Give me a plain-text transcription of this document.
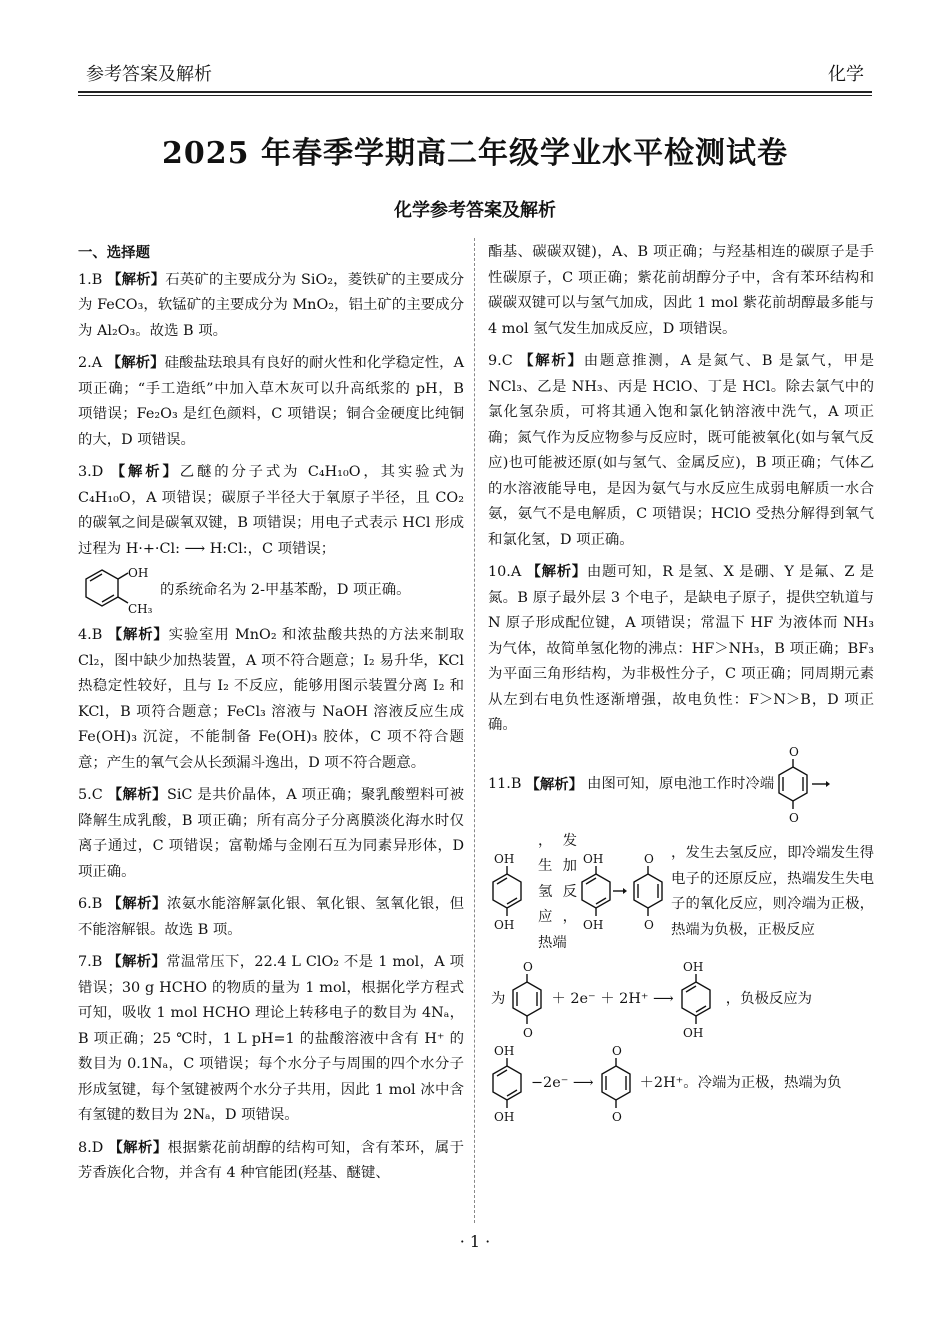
参考答案及解析	化学
2025 年春季学期高二年级学业水平检测试卷
化学参考答案及解析
一、选择题

1.B 【解析】石英矿的主要成分为 SiO₂，菱铁矿的主要成分为 FeCO₃，软锰矿的主要成分为 MnO₂，铝土矿的主要成分为 Al₂O₃。故选 B 项。

2.A 【解析】硅酸盐珐琅具有良好的耐火性和化学稳定性，A 项正确；“手工造纸”中加入草木灰可以升高纸浆的 pH，B 项错误；Fe₂O₃ 是红色颜料，C 项错误；铜合金硬度比纯铜的大，D 项错误。

3.D 【解析】乙醚的分子式为 C₄H₁₀O，其实验式为 C₄H₁₀O，A 项错误；碳原子半径大于氧原子半径，且 CO₂ 的碳氧之间是碳氧双键，B 项错误；用电子式表示 HCl 形成过程为 H·+·Cl: ⟶ H:Cl:，C 项错误；
OH
CH₃
的系统命名为 2-甲基苯酚，D 项正确。

4.B 【解析】实验室用 MnO₂ 和浓盐酸共热的方法来制取 Cl₂，图中缺少加热装置，A 项不符合题意；I₂ 易升华，KCl 热稳定性较好，且与 I₂ 不反应，能够用图示装置分离 I₂ 和 KCl，B 项符合题意；FeCl₃ 溶液与 NaOH 溶液反应生成 Fe(OH)₃ 沉淀，不能制备 Fe(OH)₃ 胶体，C 项不符合题意；产生的氧气会从长颈漏斗逸出，D 项不符合题意。

5.C 【解析】SiC 是共价晶体，A 项正确；聚乳酸塑料可被降解生成乳酸，B 项正确；所有高分子分离膜淡化海水时仅离子通过，C 项错误；富勒烯与金刚石互为同素异形体，D 项正确。

6.B 【解析】浓氨水能溶解氯化银、氧化银、氢氧化银，但不能溶解银。故选 B 项。

7.B 【解析】常温常压下，22.4 L ClO₂ 不是 1 mol，A 项错误；30 g HCHO 的物质的量为 1 mol，根据化学方程式可知，吸收 1 mol HCHO 理论上转移电子的数目为 4Nₐ，B 项正确；25 ℃时，1 L pH=1 的盐酸溶液中含有 H⁺ 的数目为 0.1Nₐ，C 项错误；每个水分子与周围的四个水分子形成氢键，每个氢键被两个水分子共用，因此 1 mol 冰中含有氢键的数目为 2Nₐ，D 项错误。

8.D 【解析】根据紫花前胡醇的结构可知，含有苯环，属于芳香族化合物，并含有 4 种官能团(羟基、醚键、

酯基、碳碳双键)，A、B 项正确；与羟基相连的碳原子是手性碳原子，C 项正确；紫花前胡醇分子中，含有苯环结构和碳碳双键可以与氢气加成，因此 1 mol 紫花前胡醇最多能与 4 mol 氢气发生加成反应，D 项错误。

9.C 【解析】由题意推测，A 是氮气、B 是氯气，甲是 NCl₃、乙是 NH₃、丙是 HClO、丁是 HCl。除去氯气中的氯化氢杂质，可将其通入饱和氯化钠溶液中洗气，A 项正确；氮气作为反应物参与反应时，既可能被氧化(如与氧气反应)也可能被还原(如与氢气、金属反应)，B 项正确；气体乙的水溶液能导电，是因为氨气与水反应生成弱电解质一水合氨，氨气不是电解质，C 项错误；HClO 受热分解得到氧气和氯化氢，D 项正确。

10.A 【解析】由题可知，R 是氢、X 是硼、Y 是氟、Z 是氮。B 原子最外层 3 个电子，是缺电子原子，提供空轨道与 N 原子形成配位键，A 项错误；常温下 HF 为液体而 NH₃ 为气体，故简单氢化物的沸点：HF＞NH₃，B 项正确；BF₃ 为平面三角形结构，为非极性分子，C 项正确；同周期元素从左到右电负性逐渐增强，故电负性：F＞N＞B，D 项正确。

11.B 【解析】 由图可知，原电池工作时冷端
O
O
OH
OH
，发生加氢反应，热端
OH
OH
O
O
，发生去氢反应，即冷端发生得电子的还原反应，热端发生失电子的氧化反应，则冷端为正极，热端为负极，正极反应
为
O
O
＋ 2e⁻ ＋ 2H⁺ ⟶
OH
OH
，负极反应为
OH
OH
−2e⁻ ⟶
O
O
＋2H⁺。冷端为正极，热端为负
· 1 ·
